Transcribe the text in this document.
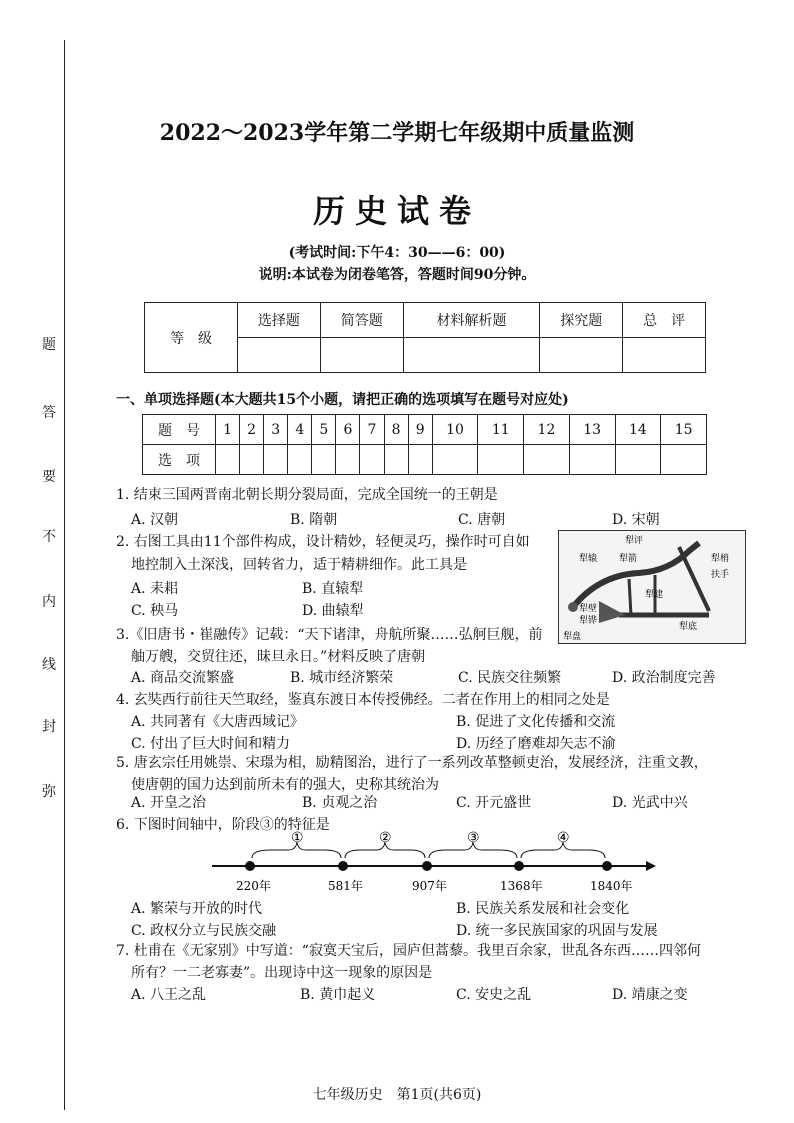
题
答
要
不
内
线
封
弥
2022～2023学年第二学期七年级期中质量监测
历史试卷
(考试时间:下午4：30——6：00)
说明:本试卷为闭卷笔答，答题时间90分钟。
等　级	选择题	简答题	材料解析题	探究题	总　评

一、单项选择题(本大题共15个小题，请把正确的选项填写在题号对应处)
题　号	1	2	3	4	5	6	7	8	9	10	11	12	13	14	15
选　项															
1. 结束三国两晋南北朝长期分裂局面，完成全国统一的王朝是
A. 汉朝	B. 隋朝	C. 唐朝	D. 宋朝
2. 右图工具由11个部件构成，设计精妙，轻便灵巧，操作时可自如
地控制入土深浅，回转省力，适于精耕细作。此工具是
A. 耒耜	B. 直辕犁
C. 秧马	D. 曲辕犁
犁评
犁辕 犁箭	犁梢
犁壁
犁铧
犁建
犁底
犁盘
扶手
3.《旧唐书・崔融传》记载：“天下诸津，舟航所聚……弘舸巨舰，前
舳万艘，交贸往还，昧旦永日。”材料反映了唐朝
A. 商品交流繁盛	B. 城市经济繁荣	C. 民族交往频繁	D. 政治制度完善
4. 玄奘西行前往天竺取经，鉴真东渡日本传授佛经。二者在作用上的相同之处是
A. 共同著有《大唐西域记》	B. 促进了文化传播和交流
C. 付出了巨大时间和精力	D. 历经了磨难却矢志不渝
5. 唐玄宗任用姚崇、宋璟为相，励精图治，进行了一系列改革整顿吏治，发展经济，注重文教，
使唐朝的国力达到前所未有的强大，史称其统治为
A. 开皇之治	B. 贞观之治	C. 开元盛世	D. 光武中兴
6. 下图时间轴中，阶段③的特征是
①	②	③	④
220年	581年	907年	1368年	1840年
A. 繁荣与开放的时代	B. 民族关系发展和社会变化
C. 政权分立与民族交融	D. 统一多民族国家的巩固与发展
7. 杜甫在《无家别》中写道：“寂寞天宝后，园庐但蒿藜。我里百余家，世乱各东西……四邻何
所有？一二老寡妻”。出现诗中这一现象的原因是
A. 八王之乱	B. 黄巾起义	C. 安史之乱	D. 靖康之变
七年级历史　第1页(共6页)
